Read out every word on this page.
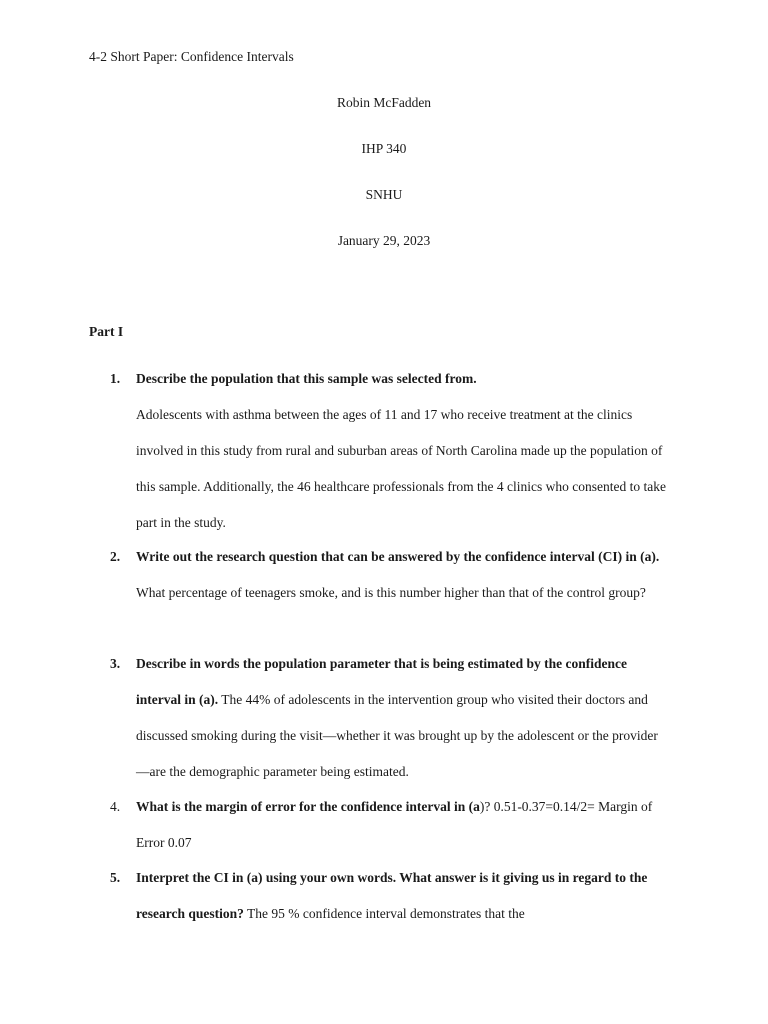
4-2 Short Paper: Confidence Intervals
Robin McFadden
IHP 340
SNHU
January 29, 2023
Part I
1.	Describe the population that this sample was selected from.
Adolescents with asthma between the ages of 11 and 17 who receive treatment at the clinics involved in this study from rural and suburban areas of North Carolina made up the population of this sample. Additionally, the 46 healthcare professionals from the 4 clinics who consented to take part in the study.
2.	Write out the research question that can be answered by the confidence interval (CI) in (a). What percentage of teenagers smoke, and is this number higher than that of the control group?
3.	Describe in words the population parameter that is being estimated by the confidence interval in (a). The 44% of adolescents in the intervention group who visited their doctors and discussed smoking during the visit—whether it was brought up by the adolescent or the provider—are the demographic parameter being estimated.
4.	What is the margin of error for the confidence interval in (a)? 0.51-0.37=0.14/2= Margin of Error 0.07
5.	Interpret the CI in (a) using your own words. What answer is it giving us in regard to the research question? The 95 % confidence interval demonstrates that the
